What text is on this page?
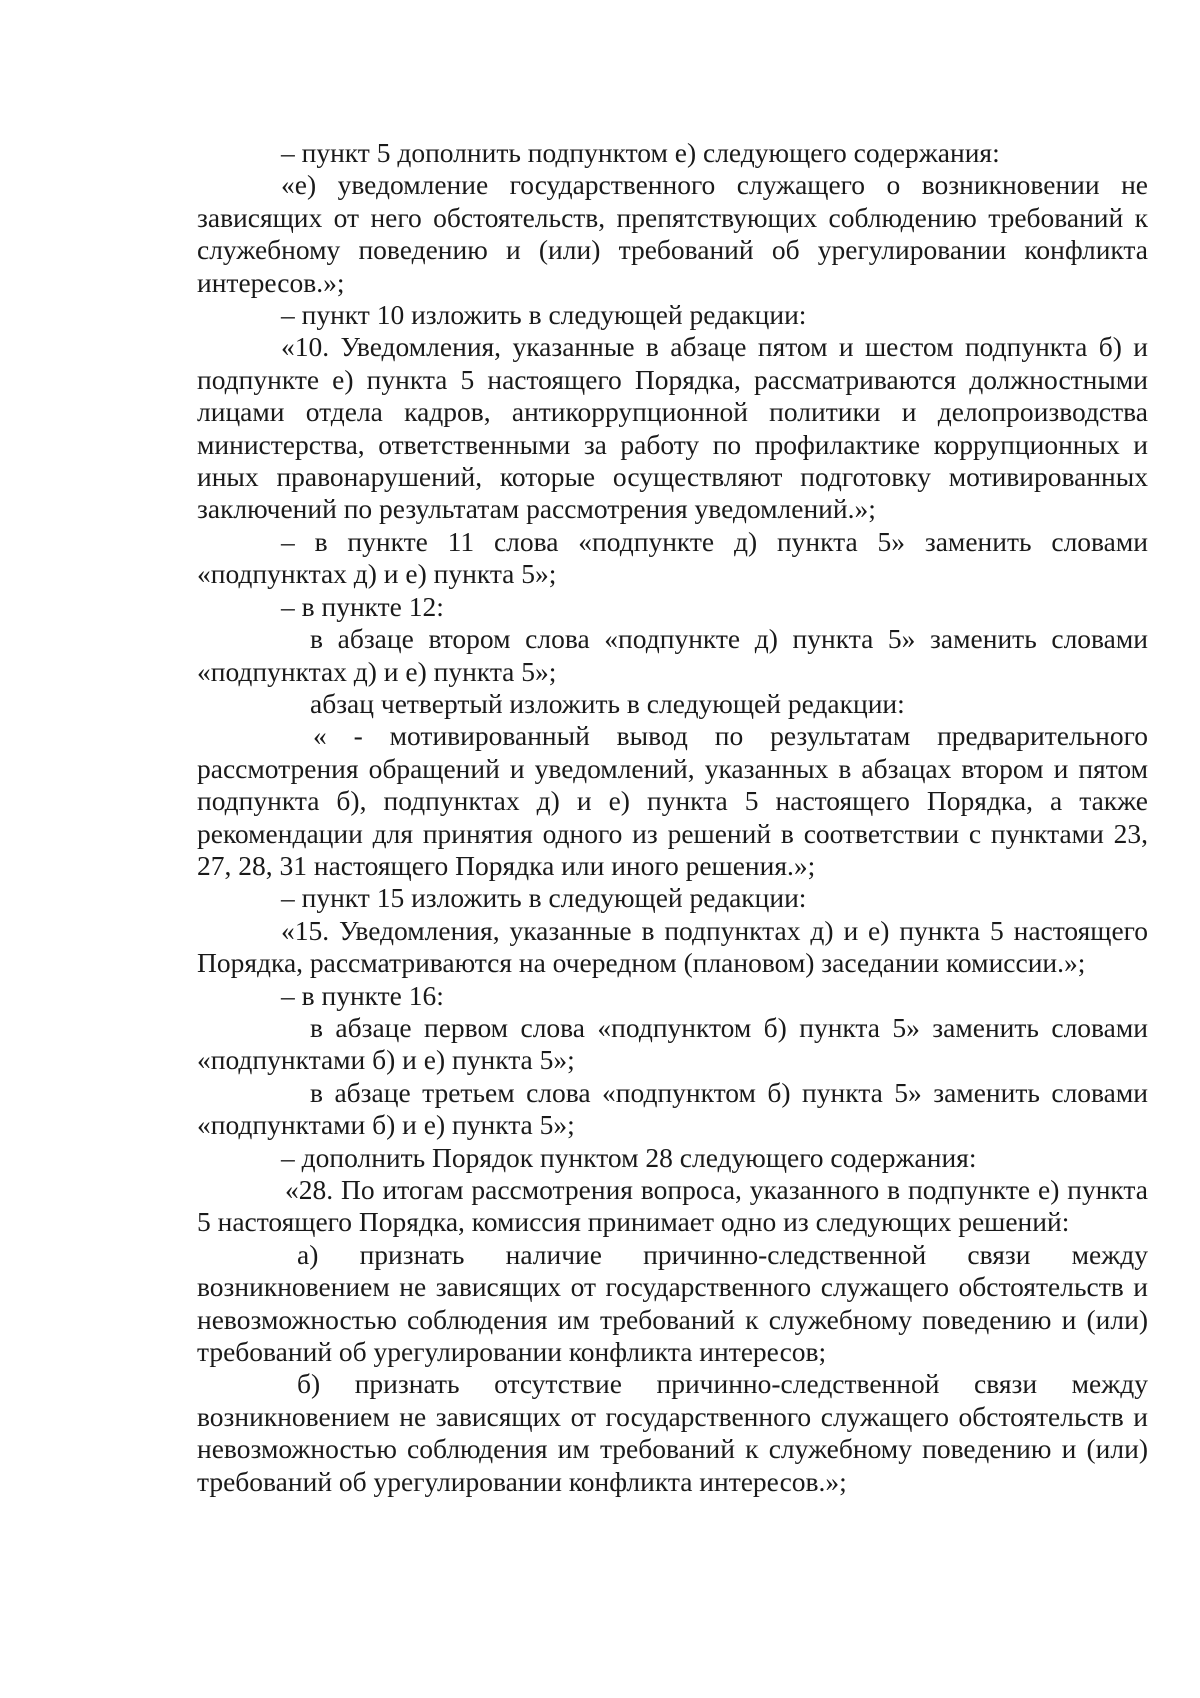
– пункт 5 дополнить подпунктом е) следующего содержания:

«е) уведомление государственного служащего о возникновении не зависящих от него обстоятельств, препятствующих соблюдению требований к служебному поведению и (или) требований об урегулировании конфликта интересов.»;

– пункт 10 изложить в следующей редакции:

«10. Уведомления, указанные в абзаце пятом и шестом подпункта б) и подпункте е) пункта 5 настоящего Порядка, рассматриваются должностными лицами отдела кадров, антикоррупционной политики и делопроизводства министерства, ответственными за работу по профилактике коррупционных и иных правонарушений, которые осуществляют подготовку мотивированных заключений по результатам рассмотрения уведомлений.»;

– в пункте 11 слова «подпункте д) пункта 5» заменить словами «подпунктах д) и е) пункта 5»;

– в пункте 12:

в абзаце втором слова «подпункте д) пункта 5» заменить словами «подпунктах д) и е) пункта 5»;

абзац четвертый изложить в следующей редакции:

« - мотивированный вывод по результатам предварительного рассмотрения обращений и уведомлений, указанных в абзацах втором и пятом подпункта б), подпунктах д) и е) пункта 5 настоящего Порядка, а также рекомендации для принятия одного из решений в соответствии с пунктами 23, 27, 28, 31 настоящего Порядка или иного решения.»;

– пункт 15 изложить в следующей редакции:

«15. Уведомления, указанные в подпунктах д) и е) пункта 5 настоящего Порядка, рассматриваются на очередном (плановом) заседании комиссии.»;

– в пункте 16:

в абзаце первом слова «подпунктом б) пункта 5» заменить словами «подпунктами б) и е) пункта 5»;

в абзаце третьем слова «подпунктом б) пункта 5» заменить словами «подпунктами б) и е) пункта 5»;

– дополнить Порядок пунктом 28 следующего содержания:

«28. По итогам рассмотрения вопроса, указанного в подпункте е) пункта 5 настоящего Порядка, комиссия принимает одно из следующих решений:

а) признать наличие причинно-следственной связи между возникновением не зависящих от государственного служащего обстоятельств и невозможностью соблюдения им требований к служебному поведению и (или) требований об урегулировании конфликта интересов;

б) признать отсутствие причинно-следственной связи между возникновением не зависящих от государственного служащего обстоятельств и невозможностью соблюдения им требований к служебному поведению и (или) требований об урегулировании конфликта интересов.»;
